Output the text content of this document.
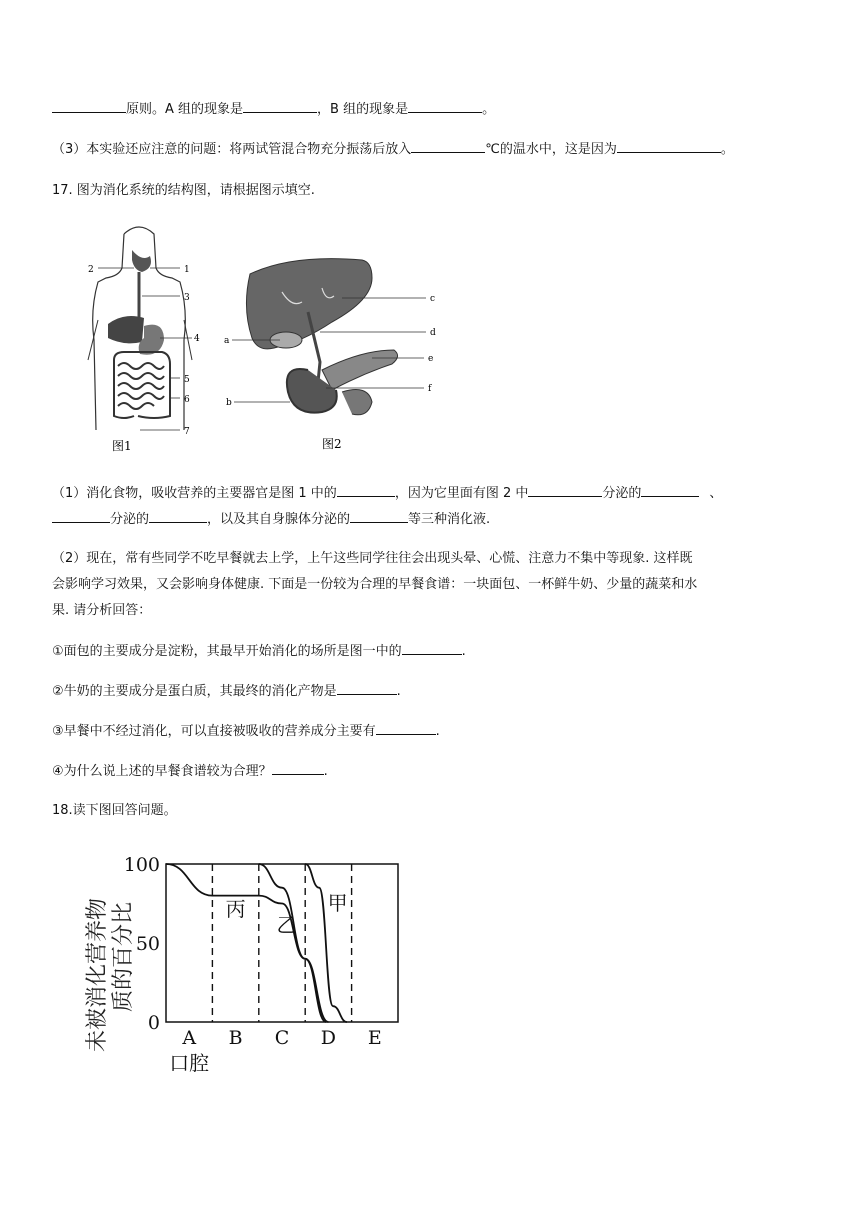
原则。A 组的现象是	，B 组的现象是	。
（3）本实验还应注意的问题：将两试管混合物充分振荡后放入	℃的温水中，这是因为	。
17. 图为消化系统的结构图，请根据图示填空.
1
2
3
4
5
6
7
图1
c
a
d
e
f
b
图2
（1）消化食物，吸收营养的主要器官是图 1 中的	，因为它里面有图 2 中	分泌的	、
分泌的	，以及其自身腺体分泌的	等三种消化液.
（2）现在，常有些同学不吃早餐就去上学，上午这些同学往往会出现头晕、心慌、注意力不集中等现象. 这样既
会影响学习效果，又会影响身体健康. 下面是一份较为合理的早餐食谱：一块面包、一杯鲜牛奶、少量的蔬菜和水
果. 请分析回答：
①面包的主要成分是淀粉，其最早开始消化的场所是图一中的	.
②牛奶的主要成分是蛋白质，其最终的消化产物是	.
③早餐中不经过消化，可以直接被吸收的营养成分主要有	.
④为什么说上述的早餐食谱较为合理？	.
18.读下图回答问题。
100
50
0
A B C D E
口腔
未被消化营养物 质的百分比	丙
乙
甲
